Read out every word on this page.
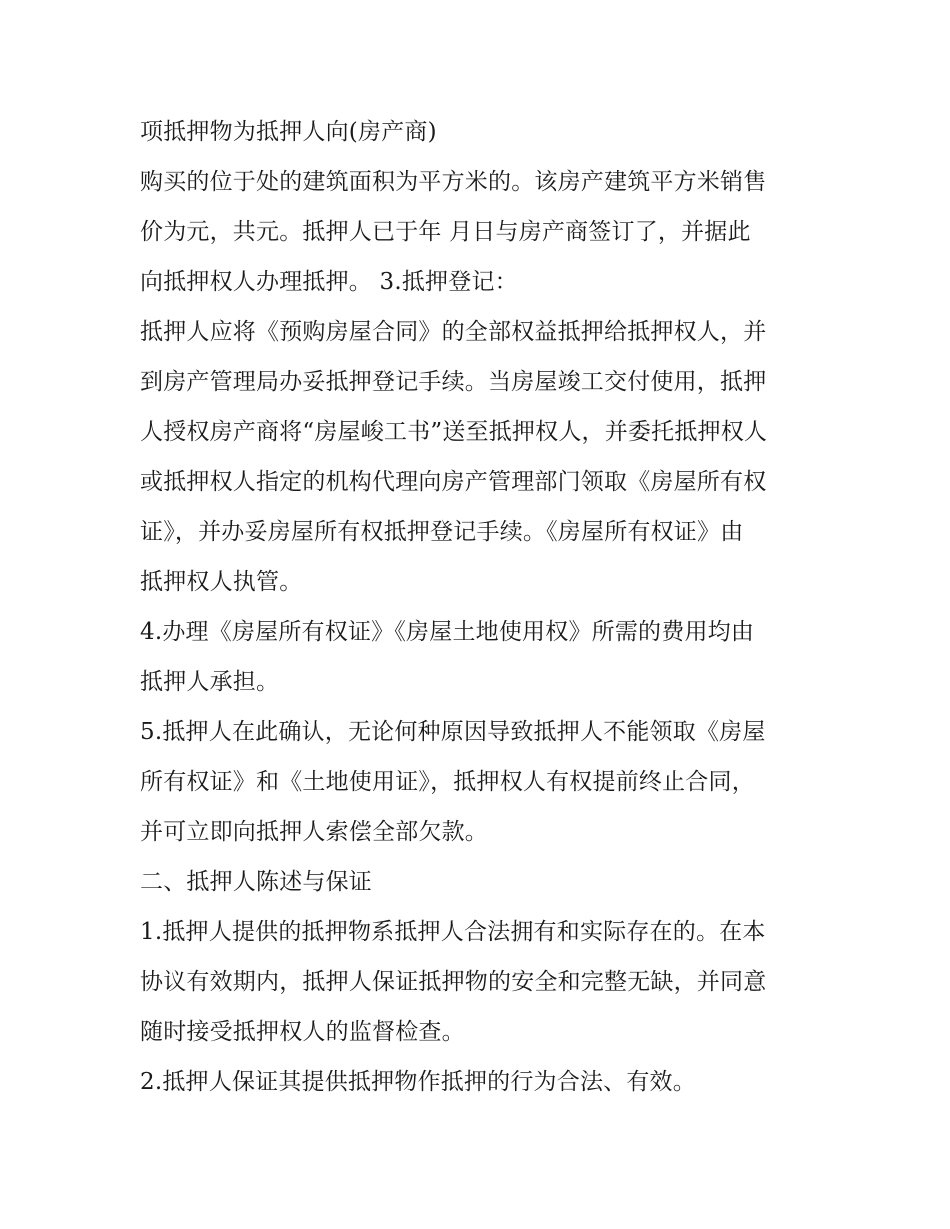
项抵押物为抵押人向(房产商)
购买的位于处的建筑面积为平方米的。该房产建筑平方米销售
价为元，共元。抵押人已于年 月日与房产商签订了，并据此
向抵押权人办理抵押。 3.抵押登记：
抵押人应将《预购房屋合同》的全部权益抵押给抵押权人，并
到房产管理局办妥抵押登记手续。当房屋竣工交付使用，抵押
人授权房产商将“房屋峻工书”送至抵押权人，并委托抵押权人
或抵押权人指定的机构代理向房产管理部门领取《房屋所有权
证》，并办妥房屋所有权抵押登记手续。《房屋所有权证》由
抵押权人执管。
4.办理《房屋所有权证》《房屋土地使用权》所需的费用均由
抵押人承担。
5.抵押人在此确认，无论何种原因导致抵押人不能领取《房屋
所有权证》和《土地使用证》，抵押权人有权提前终止合同，
并可立即向抵押人索偿全部欠款。
二、抵押人陈述与保证
1.抵押人提供的抵押物系抵押人合法拥有和实际存在的。在本
协议有效期内，抵押人保证抵押物的安全和完整无缺，并同意
随时接受抵押权人的监督检查。
2.抵押人保证其提供抵押物作抵押的行为合法、有效。
